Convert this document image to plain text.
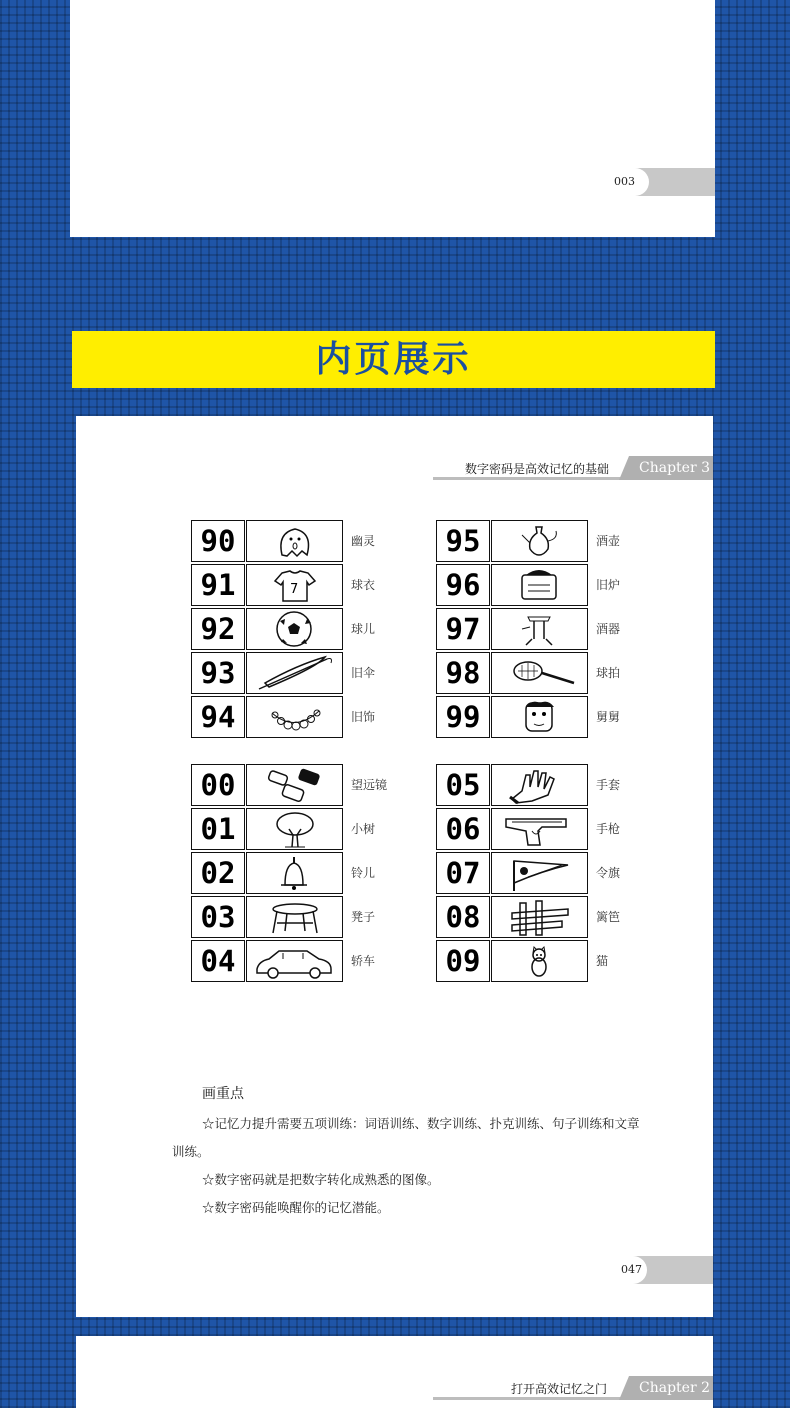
003
内页展示
数字密码是高效记忆的基础	Chapter 3
90	幽灵
91	7	球衣
92	球儿
93	旧伞
94	旧饰
95	酒壶
96	旧炉
97	酒器
98	球拍
99	舅舅
00	望远镜
01	小树
02	铃儿
03	凳子
04	轿车
05	手套
06	手枪
07	令旗
08	篱笆
09	猫
画重点

☆记忆力提升需要五项训练：词语训练、数字训练、扑克训练、句子训练和文章训练。

☆数字密码就是把数字转化成熟悉的图像。

☆数字密码能唤醒你的记忆潜能。

047
打开高效记忆之门	Chapter 2
